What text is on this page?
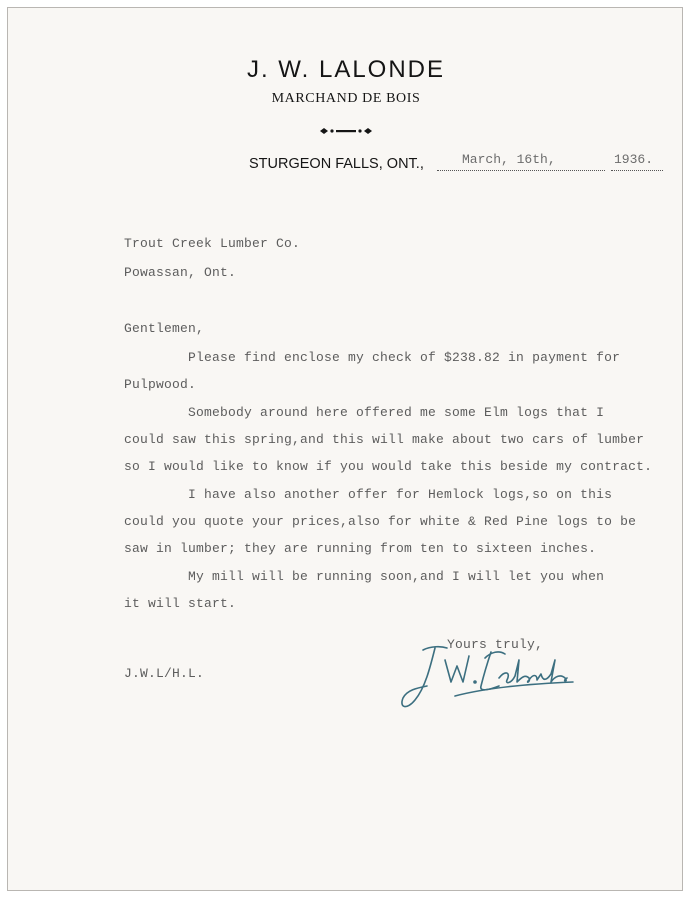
J. W. LALONDE
MARCHAND DE BOIS
STURGEON FALLS, ONT.,	March, 16th,	1936.
Trout Creek Lumber Co.
Powassan, Ont.
Gentlemen,
Please find enclose my check of $238.82 in payment for
Pulpwood.
Somebody around here offered me some Elm logs that I
could saw this spring,and this will make about two cars of lumber
so I would like to know if you would take this beside my contract.
I have also another offer for Hemlock logs,so on this
could you quote your prices,also for white & Red Pine logs to be
saw in lumber; they are running from ten to sixteen inches.
My mill will be running soon,and I will let you when
it will start.
Yours truly,
J.W.L/H.L.
